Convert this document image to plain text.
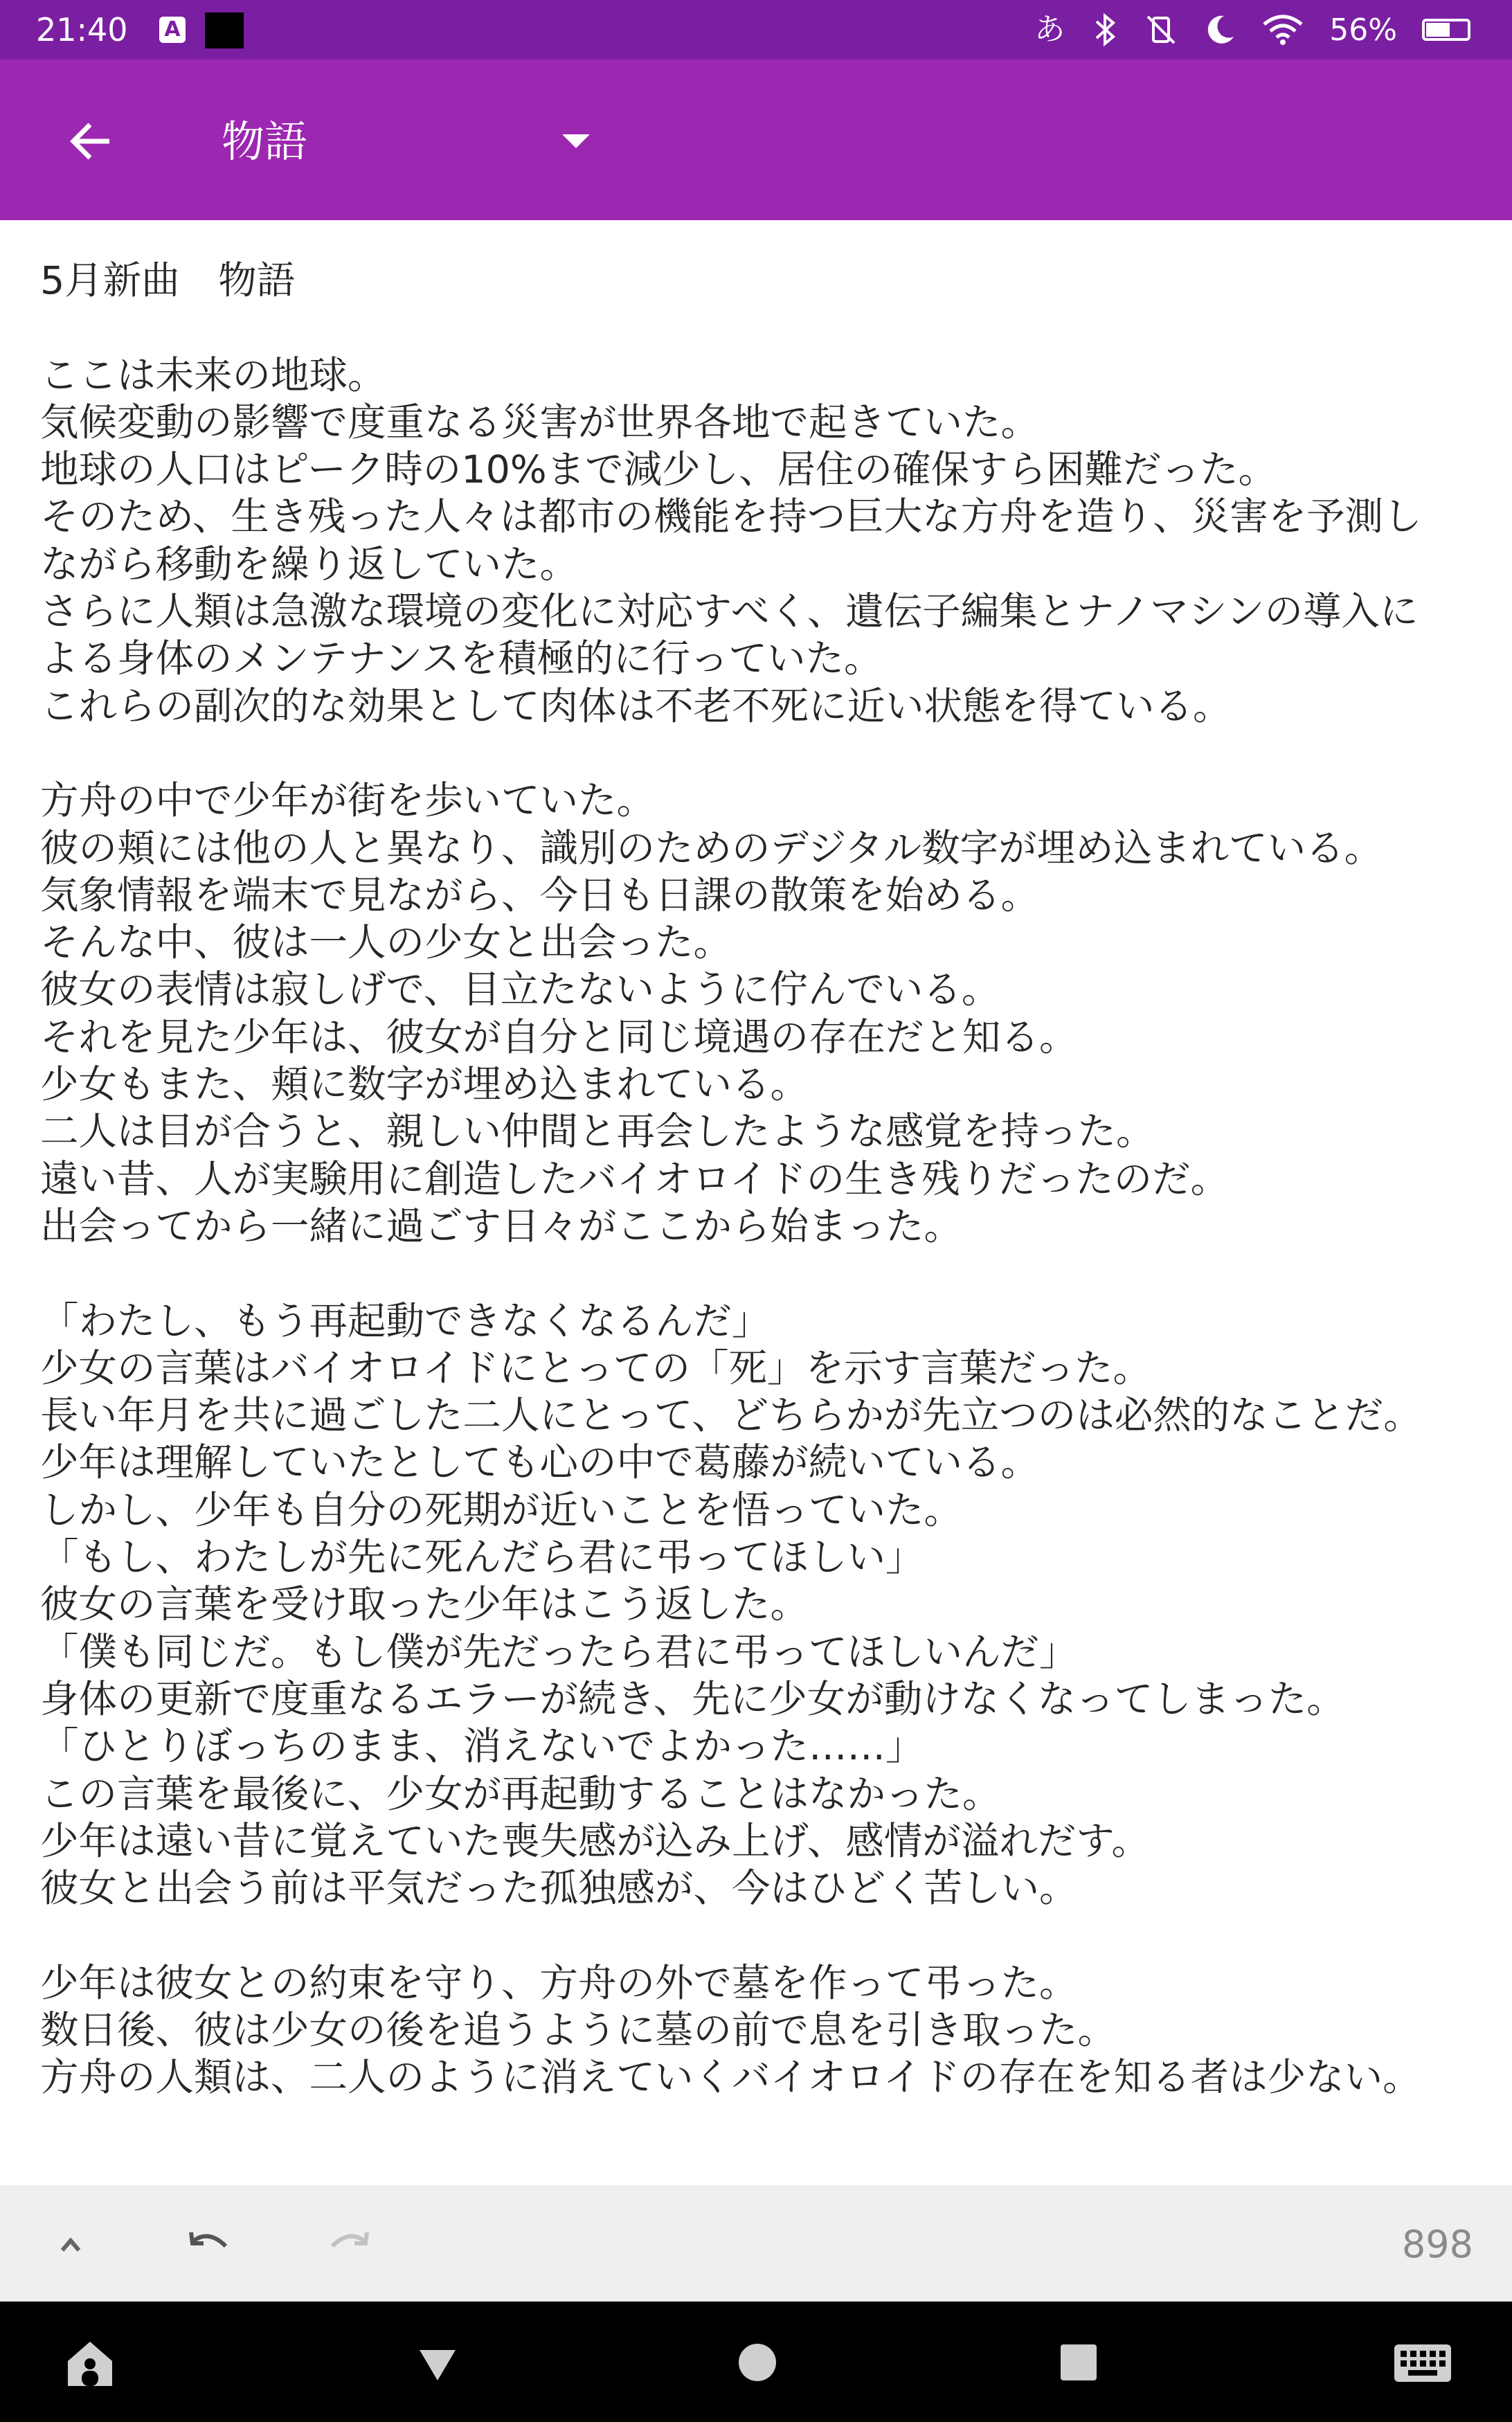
21:40 A	あ	56%
物語

5月新曲　物語

ここは未来の地球。

気候変動の影響で度重なる災害が世界各地で起きていた。

地球の人口はピーク時の10%まで減少し、居住の確保すら困難だった。

そのため、生き残った人々は都市の機能を持つ巨大な方舟を造り、災害を予測し

ながら移動を繰り返していた。

さらに人類は急激な環境の変化に対応すべく、遺伝子編集とナノマシンの導入に

よる身体のメンテナンスを積極的に行っていた。

これらの副次的な効果として肉体は不老不死に近い状態を得ている。

方舟の中で少年が街を歩いていた。

彼の頬には他の人と異なり、識別のためのデジタル数字が埋め込まれている。

気象情報を端末で見ながら、今日も日課の散策を始める。

そんな中、彼は一人の少女と出会った。

彼女の表情は寂しげで、目立たないように佇んでいる。

それを見た少年は、彼女が自分と同じ境遇の存在だと知る。

少女もまた、頬に数字が埋め込まれている。

二人は目が合うと、親しい仲間と再会したような感覚を持った。

遠い昔、人が実験用に創造したバイオロイドの生き残りだったのだ。

出会ってから一緒に過ごす日々がここから始まった。

「わたし、もう再起動できなくなるんだ」

少女の言葉はバイオロイドにとっての「死」を示す言葉だった。

長い年月を共に過ごした二人にとって、どちらかが先立つのは必然的なことだ。

少年は理解していたとしても心の中で葛藤が続いている。

しかし、少年も自分の死期が近いことを悟っていた。

「もし、わたしが先に死んだら君に弔ってほしい」

彼女の言葉を受け取った少年はこう返した。

「僕も同じだ。もし僕が先だったら君に弔ってほしいんだ」

身体の更新で度重なるエラーが続き、先に少女が動けなくなってしまった。

「ひとりぼっちのまま、消えないでよかった……」

この言葉を最後に、少女が再起動することはなかった。

少年は遠い昔に覚えていた喪失感が込み上げ、感情が溢れだす。

彼女と出会う前は平気だった孤独感が、今はひどく苦しい。

少年は彼女との約束を守り、方舟の外で墓を作って弔った。

数日後、彼は少女の後を追うように墓の前で息を引き取った。

方舟の人類は、二人のように消えていくバイオロイドの存在を知る者は少ない。

898
